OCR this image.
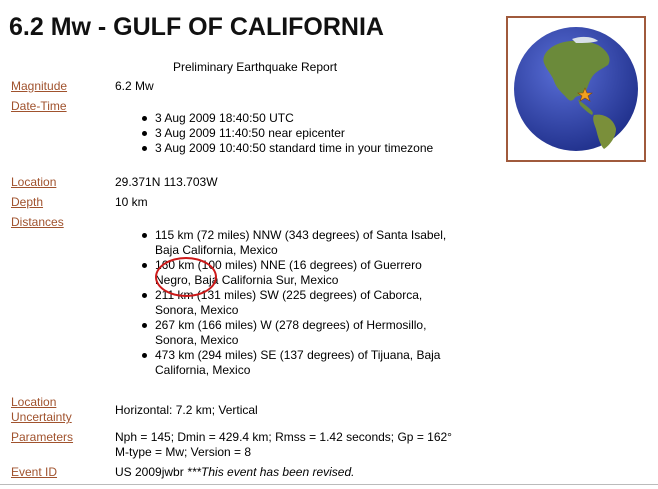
6.2 Mw - GULF OF CALIFORNIA
Preliminary Earthquake Report
Magnitude	6.2 Mw
Date-Time
3 Aug 2009 18:40:50 UTC
3 Aug 2009 11:40:50 near epicenter
3 Aug 2009 10:40:50 standard time in your timezone
Location	29.371N 113.703W
Depth	10 km
Distances
115 km (72 miles) NNW (343 degrees) of Santa Isabel,
Baja California, Mexico
160 km (100 miles) NNE (16 degrees) of Guerrero
Negro, Baja California Sur, Mexico
211 km (131 miles) SW (225 degrees) of Caborca,
Sonora, Mexico
267 km (166 miles) W (278 degrees) of Hermosillo,
Sonora, Mexico
473 km (294 miles) SE (137 degrees) of Tijuana, Baja
California, Mexico
Location
Uncertainty	Horizontal: 7.2 km; Vertical
Parameters	Nph = 145; Dmin = 429.4 km; Rmss = 1.42 seconds; Gp = 162°
M-type = Mw; Version = 8
Event ID	US 2009jwbr ***This event has been revised.
